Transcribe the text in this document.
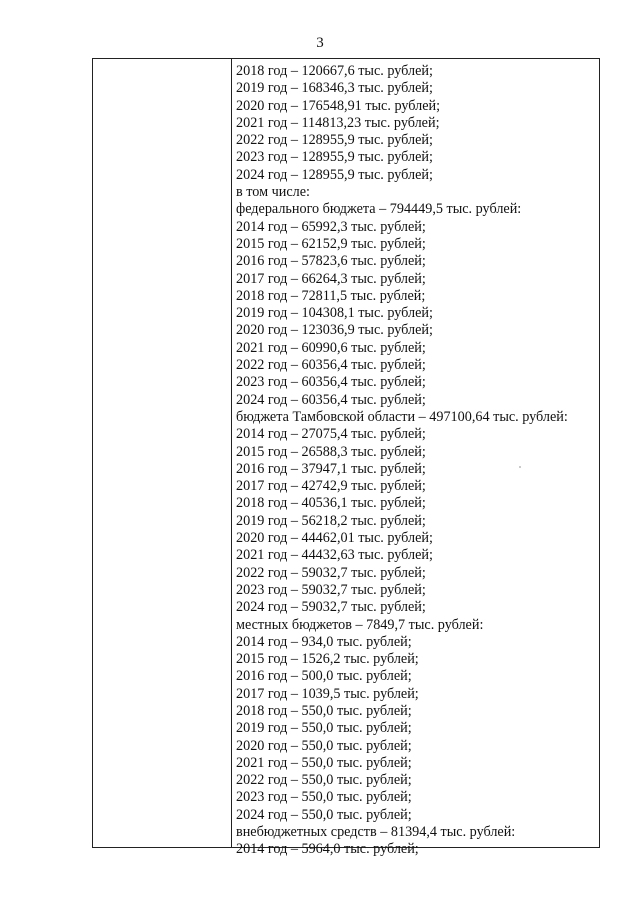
3
2018 год – 120667,6 тыс. рублей;
2019 год – 168346,3 тыс. рублей;
2020 год – 176548,91 тыс. рублей;
2021 год – 114813,23 тыс. рублей;
2022 год – 128955,9 тыс. рублей;
2023 год – 128955,9 тыс. рублей;
2024 год – 128955,9 тыс. рублей;
в том числе:
федерального бюджета – 794449,5 тыс. рублей:
2014 год – 65992,3 тыс. рублей;
2015 год – 62152,9 тыс. рублей;
2016 год – 57823,6 тыс. рублей;
2017 год – 66264,3 тыс. рублей;
2018 год – 72811,5 тыс. рублей;
2019 год – 104308,1 тыс. рублей;
2020 год – 123036,9 тыс. рублей;
2021 год – 60990,6 тыс. рублей;
2022 год – 60356,4 тыс. рублей;
2023 год – 60356,4 тыс. рублей;
2024 год – 60356,4 тыс. рублей;
бюджета Тамбовской области – 497100,64 тыс. рублей:
2014 год – 27075,4 тыс. рублей;
2015 год – 26588,3 тыс. рублей;
2016 год – 37947,1 тыс. рублей;
2017 год – 42742,9 тыс. рублей;
2018 год – 40536,1 тыс. рублей;
2019 год – 56218,2 тыс. рублей;
2020 год – 44462,01 тыс. рублей;
2021 год – 44432,63 тыс. рублей;
2022 год – 59032,7 тыс. рублей;
2023 год – 59032,7 тыс. рублей;
2024 год – 59032,7 тыс. рублей;
местных бюджетов – 7849,7 тыс. рублей:
2014 год – 934,0 тыс. рублей;
2015 год – 1526,2 тыс. рублей;
2016 год – 500,0 тыс. рублей;
2017 год – 1039,5 тыс. рублей;
2018 год – 550,0 тыс. рублей;
2019 год – 550,0 тыс. рублей;
2020 год – 550,0 тыс. рублей;
2021 год – 550,0 тыс. рублей;
2022 год – 550,0 тыс. рублей;
2023 год – 550,0 тыс. рублей;
2024 год – 550,0 тыс. рублей;
внебюджетных средств – 81394,4 тыс. рублей:
2014 год – 5964,0 тыс. рублей;
